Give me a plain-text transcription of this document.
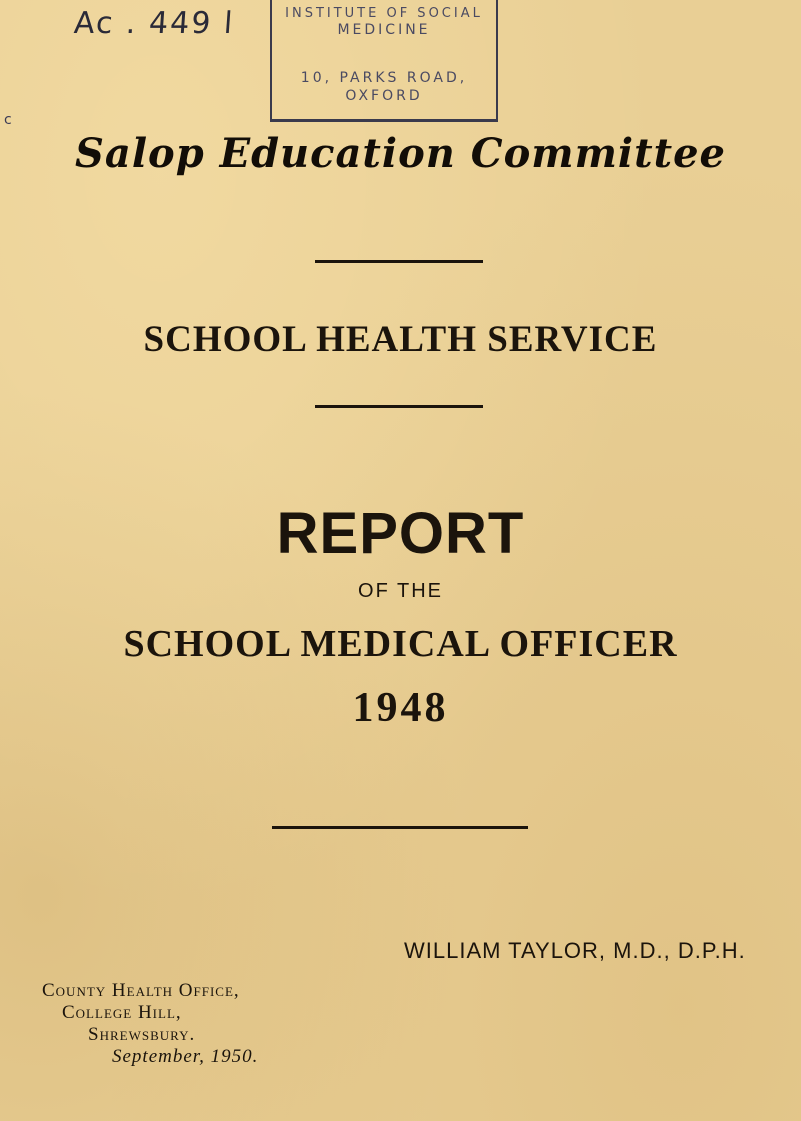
Ac . 449 l
c
INSTITUTE OF SOCIAL
MEDICINE
10, PARKS ROAD,
OXFORD
Salop Education Committee
SCHOOL HEALTH SERVICE
REPORT
OF THE
SCHOOL MEDICAL OFFICER
1948
WILLIAM TAYLOR, M.D., D.P.H.
County Health Office,
College Hill,
Shrewsbury.
September, 1950.
